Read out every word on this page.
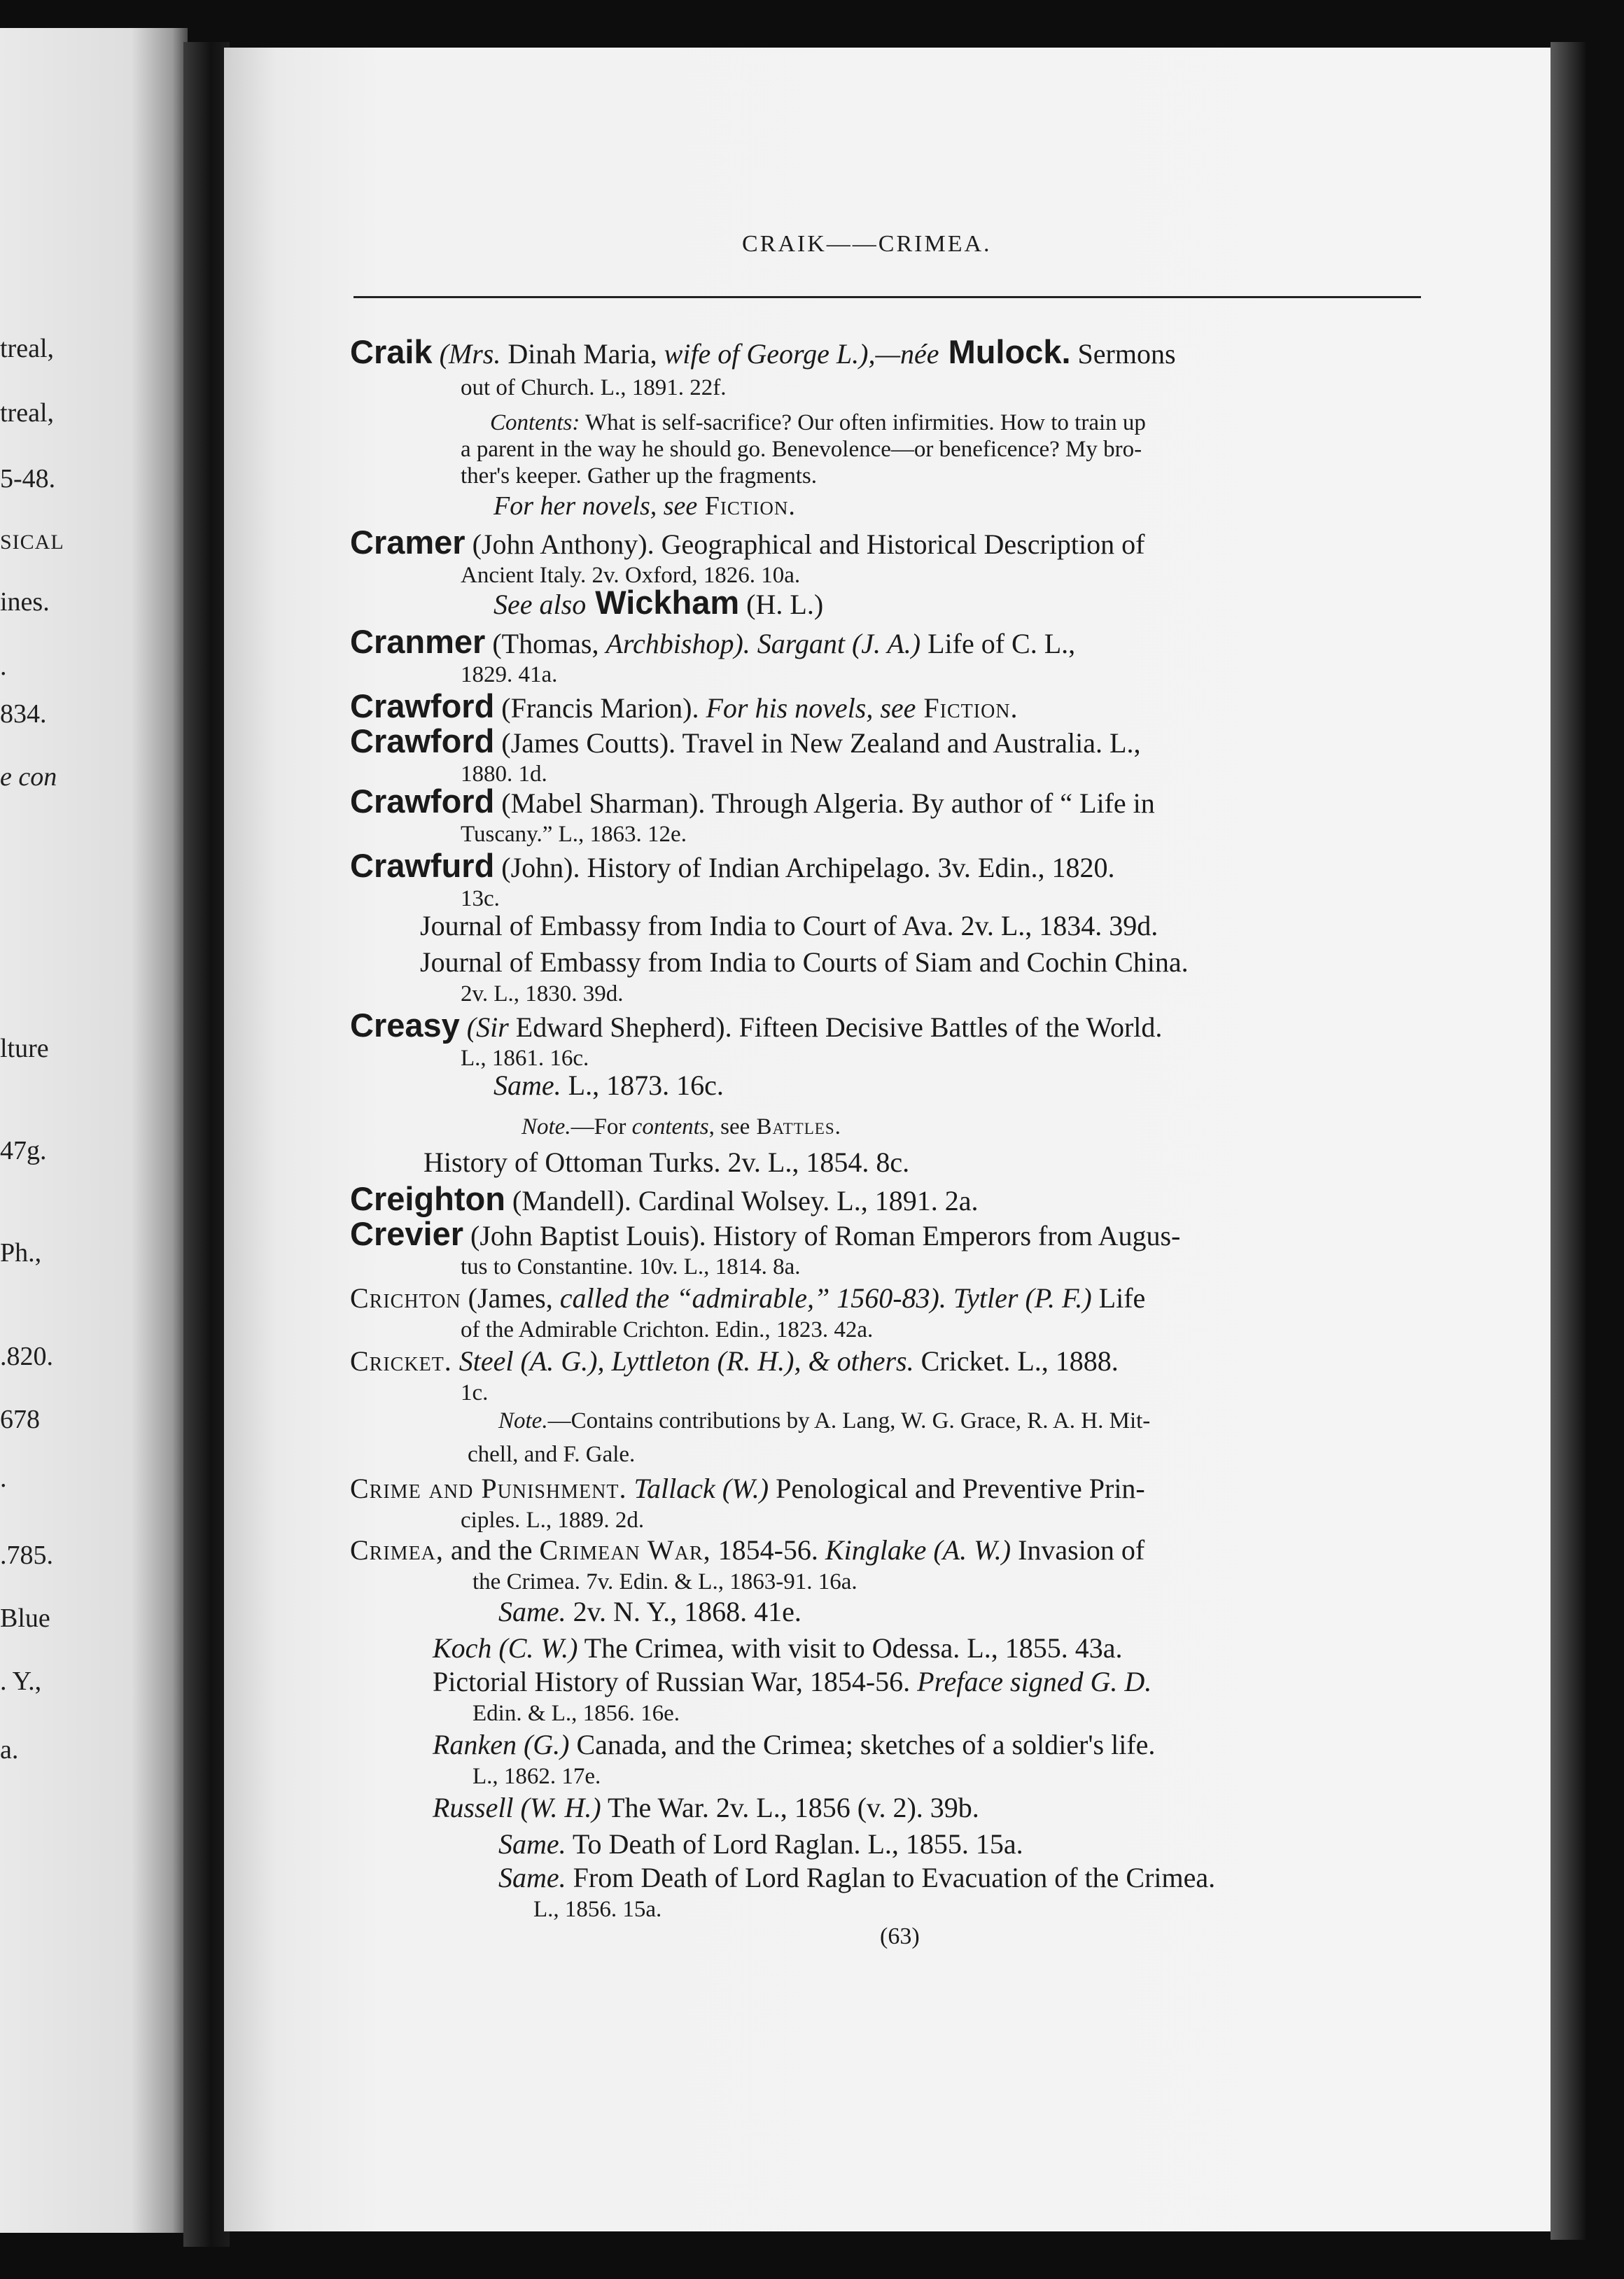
treal,
treal,
5-48.
SICAL
ines.
.
834.
e con
lture
47g.
Ph.,
.820.
678
.
.785.
Blue
. Y.,
a.
CRAIK——CRIMEA.
Craik (Mrs. Dinah Maria, wife of George L.),—née Mulock. Sermons
out of Church. L., 1891. 22f.
Contents: What is self-sacrifice? Our often infirmities. How to train up
a parent in the way he should go. Benevolence—or beneficence? My bro-
ther's keeper. Gather up the fragments.
For her novels, see Fiction.
Cramer (John Anthony). Geographical and Historical Description of
Ancient Italy. 2v. Oxford, 1826. 10a.
See also Wickham (H. L.)
Cranmer (Thomas, Archbishop). Sargant (J. A.) Life of C. L.,
1829. 41a.
Crawford (Francis Marion). For his novels, see Fiction.
Crawford (James Coutts). Travel in New Zealand and Australia. L.,
1880. 1d.
Crawford (Mabel Sharman). Through Algeria. By author of “ Life in
Tuscany.” L., 1863. 12e.
Crawfurd (John). History of Indian Archipelago. 3v. Edin., 1820.
13c.
Journal of Embassy from India to Court of Ava. 2v. L., 1834. 39d.
Journal of Embassy from India to Courts of Siam and Cochin China.
2v. L., 1830. 39d.
Creasy (Sir Edward Shepherd). Fifteen Decisive Battles of the World.
L., 1861. 16c.
Same. L., 1873. 16c.
Note.—For contents, see Battles.
History of Ottoman Turks. 2v. L., 1854. 8c.
Creighton (Mandell). Cardinal Wolsey. L., 1891. 2a.
Crevier (John Baptist Louis). History of Roman Emperors from Augus-
tus to Constantine. 10v. L., 1814. 8a.
Crichton (James, called the “admirable,” 1560-83). Tytler (P. F.) Life
of the Admirable Crichton. Edin., 1823. 42a.
Cricket. Steel (A. G.), Lyttleton (R. H.), & others. Cricket. L., 1888.
1c.
Note.—Contains contributions by A. Lang, W. G. Grace, R. A. H. Mit-
chell, and F. Gale.
Crime and Punishment. Tallack (W.) Penological and Preventive Prin-
ciples. L., 1889. 2d.
Crimea, and the Crimean War, 1854-56. Kinglake (A. W.) Invasion of
the Crimea. 7v. Edin. & L., 1863-91. 16a.
Same. 2v. N. Y., 1868. 41e.
Koch (C. W.) The Crimea, with visit to Odessa. L., 1855. 43a.
Pictorial History of Russian War, 1854-56. Preface signed G. D.
Edin. & L., 1856. 16e.
Ranken (G.) Canada, and the Crimea; sketches of a soldier's life.
L., 1862. 17e.
Russell (W. H.) The War. 2v. L., 1856 (v. 2). 39b.
Same. To Death of Lord Raglan. L., 1855. 15a.
Same. From Death of Lord Raglan to Evacuation of the Crimea.
L., 1856. 15a.
(63)
